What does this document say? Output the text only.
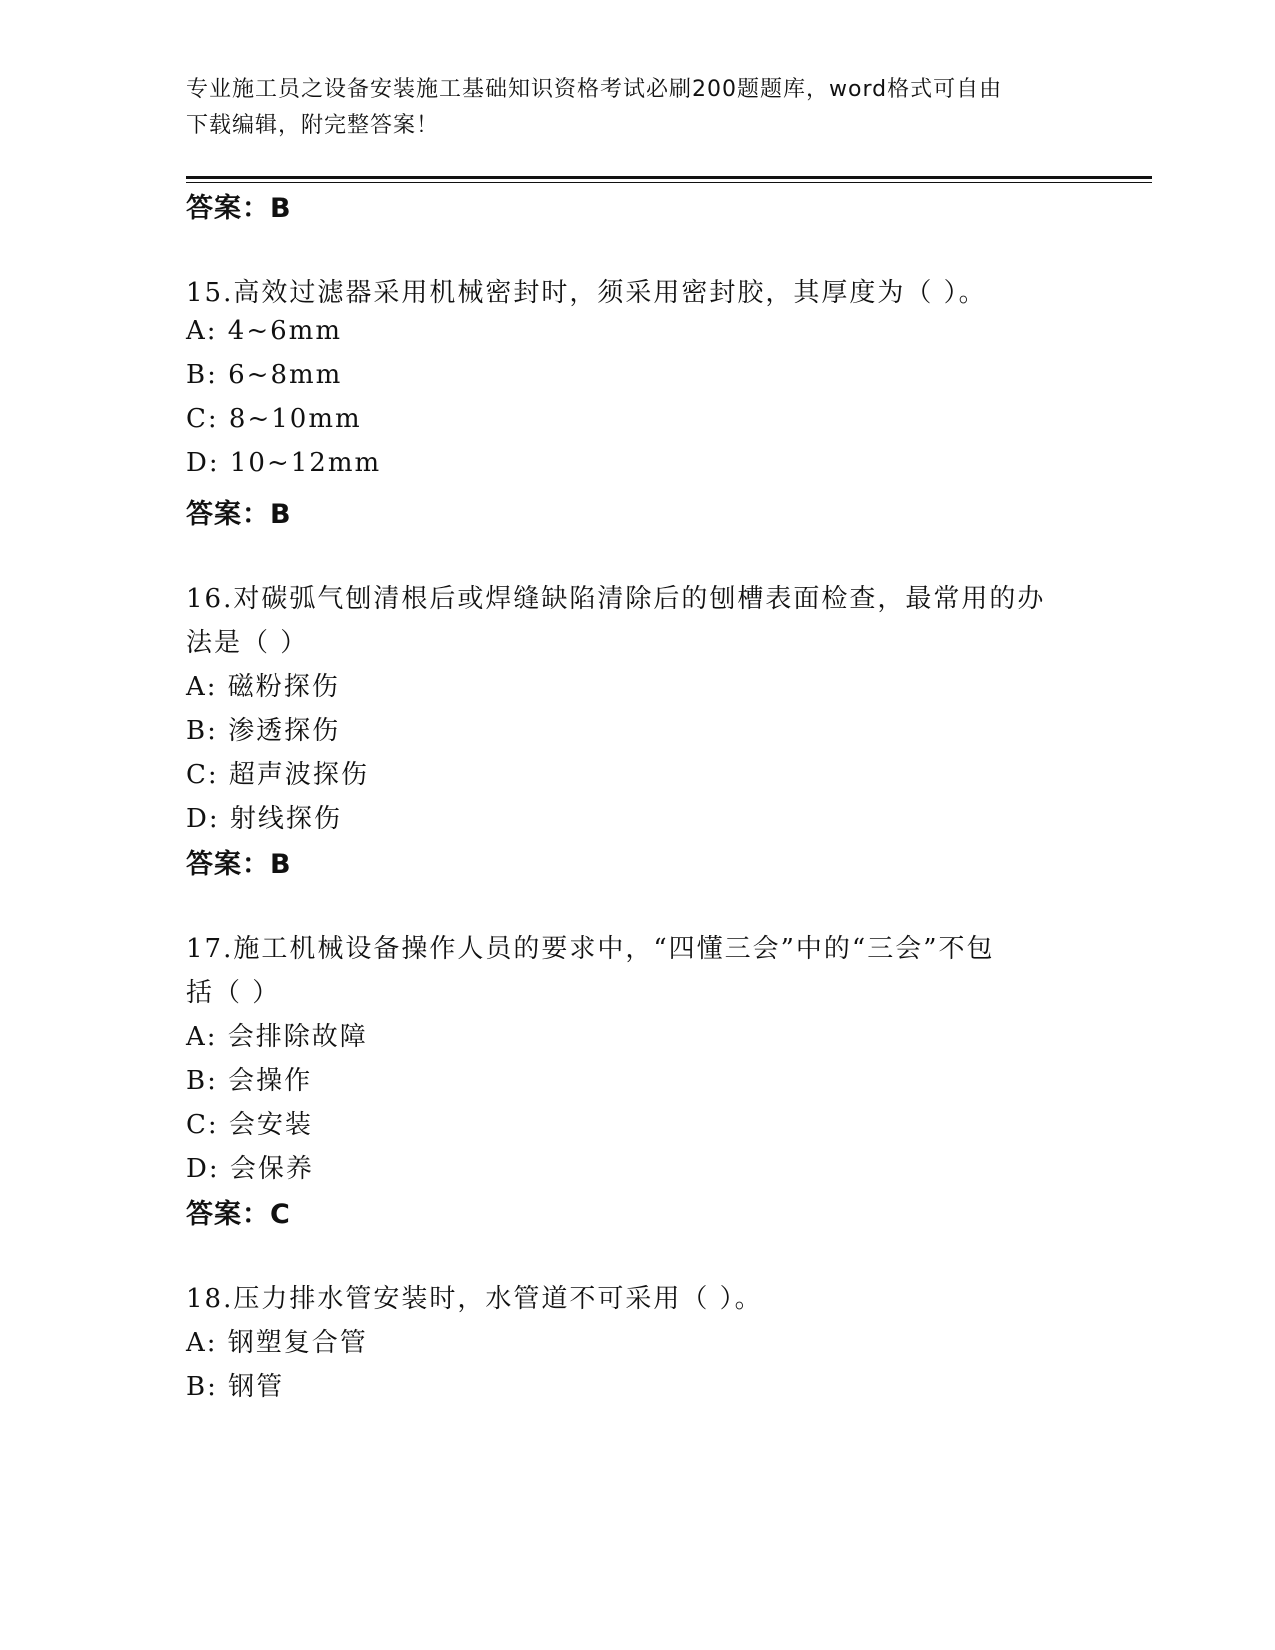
专业施工员之设备安装施工基础知识资格考试必刷200题题库，word格式可自由
下载编辑，附完整答案！
答案：B
15.高效过滤器采用机械密封时，须采用密封胶，其厚度为（ ）。
A: 4~6mm
B: 6~8mm
C: 8~10mm
D: 10~12mm
答案：B
16.对碳弧气刨清根后或焊缝缺陷清除后的刨槽表面检查，最常用的办
法是（ ）
A: 磁粉探伤
B: 渗透探伤
C: 超声波探伤
D: 射线探伤
答案：B
17.施工机械设备操作人员的要求中，“四懂三会”中的“三会”不包
括（ ）
A: 会排除故障
B: 会操作
C: 会安装
D: 会保养
答案：C
18.压力排水管安装时，水管道不可采用（ ）。
A: 钢塑复合管
B: 钢管
